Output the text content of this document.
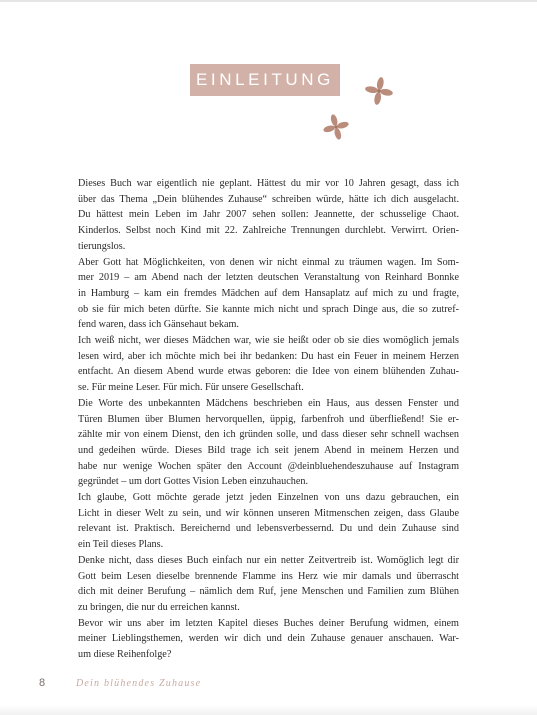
EINLEITUNG

Dieses Buch war eigentlich nie geplant. Hättest du mir vor 10 Jahren gesagt, dass ich

über das Thema „Dein blühendes Zuhause“ schreiben würde, hätte ich dich ausgelacht.

Du hättest mein Leben im Jahr 2007 sehen sollen: Jeannette, der schusselige Chaot.

Kinderlos. Selbst noch Kind mit 22. Zahlreiche Trennungen durchlebt. Verwirrt. Orien-

tierungslos.

Aber Gott hat Möglichkeiten, von denen wir nicht einmal zu träumen wagen. Im Som-

mer 2019 – am Abend nach der letzten deutschen Veranstaltung von Reinhard Bonnke

in Hamburg – kam ein fremdes Mädchen auf dem Hansaplatz auf mich zu und fragte,

ob sie für mich beten dürfte. Sie kannte mich nicht und sprach Dinge aus, die so zutref-

fend waren, dass ich Gänsehaut bekam.

Ich weiß nicht, wer dieses Mädchen war, wie sie heißt oder ob sie dies womöglich jemals

lesen wird, aber ich möchte mich bei ihr bedanken: Du hast ein Feuer in meinem Herzen

entfacht. An diesem Abend wurde etwas geboren: die Idee von einem blühenden Zuhau-

se. Für meine Leser. Für mich. Für unsere Gesellschaft.

Die Worte des unbekannten Mädchens beschrieben ein Haus, aus dessen Fenster und

Türen Blumen über Blumen hervorquellen, üppig, farbenfroh und überfließend! Sie er-

zählte mir von einem Dienst, den ich gründen solle, und dass dieser sehr schnell wachsen

und gedeihen würde. Dieses Bild trage ich seit jenem Abend in meinem Herzen und

habe nur wenige Wochen später den Account @deinbluehendeszuhause auf Instagram

gegründet – um dort Gottes Vision Leben einzuhauchen.

Ich glaube, Gott möchte gerade jetzt jeden Einzelnen von uns dazu gebrauchen, ein

Licht in dieser Welt zu sein, und wir können unseren Mitmenschen zeigen, dass Glaube

relevant ist. Praktisch. Bereichernd und lebensverbessernd. Du und dein Zuhause sind

ein Teil dieses Plans.

Denke nicht, dass dieses Buch einfach nur ein netter Zeitvertreib ist. Womöglich legt dir

Gott beim Lesen dieselbe brennende Flamme ins Herz wie mir damals und überrascht

dich mit deiner Berufung – nämlich dem Ruf, jene Menschen und Familien zum Blühen

zu bringen, die nur du erreichen kannst.

Bevor wir uns aber im letzten Kapitel dieses Buches deiner Berufung widmen, einem

meiner Lieblingsthemen, werden wir dich und dein Zuhause genauer anschauen. War-

um diese Reihenfolge?

8	Dein blühendes Zuhause
